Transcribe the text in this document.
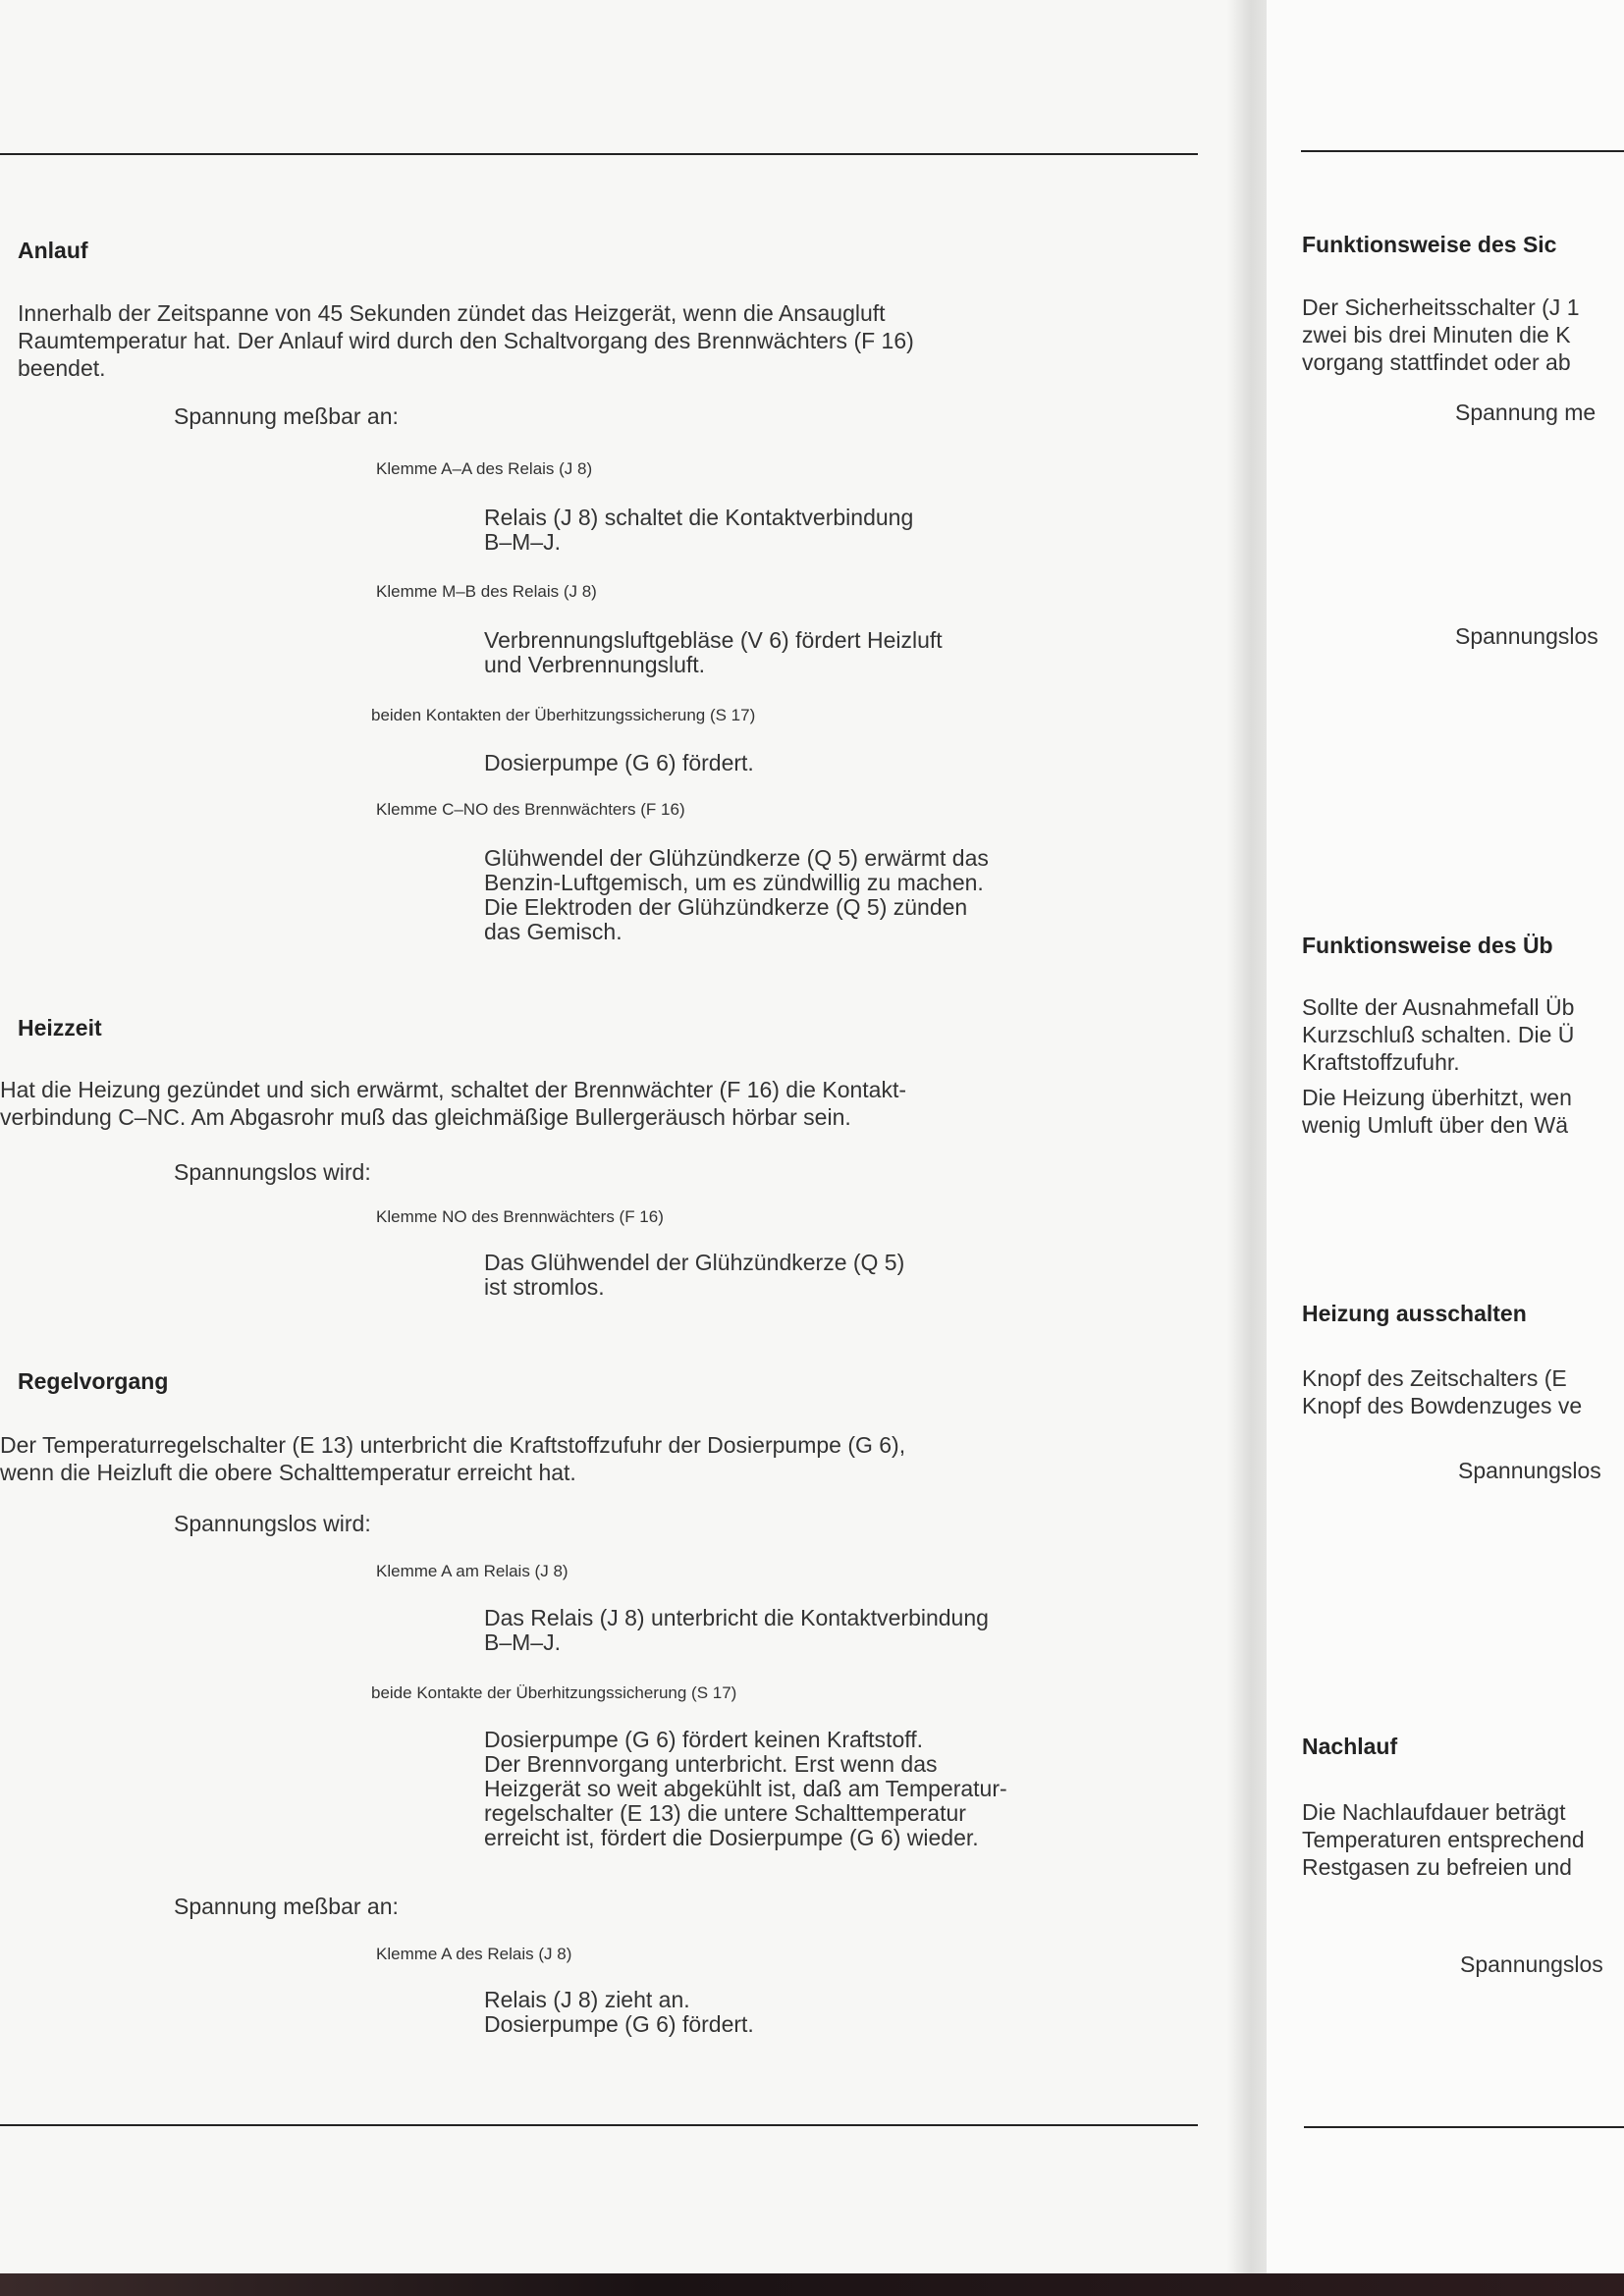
Anlauf
Innerhalb der Zeitspanne von 45 Sekunden zündet das Heizgerät, wenn die Ansaugluft
Raumtemperatur hat. Der Anlauf wird durch den Schaltvorgang des Brennwächters (F 16)
beendet.
Spannung meßbar an:
Klemme A–A des Relais (J 8)
Relais (J 8) schaltet die Kontaktverbindung
B–M–J.
Klemme M–B des Relais (J 8)
Verbrennungsluftgebläse (V 6) fördert Heizluft
und Verbrennungsluft.
beiden Kontakten der Überhitzungssicherung (S 17)
Dosierpumpe (G 6) fördert.
Klemme C–NO des Brennwächters (F 16)
Glühwendel der Glühzündkerze (Q 5) erwärmt das
Benzin-Luftgemisch, um es zündwillig zu machen.
Die Elektroden der Glühzündkerze (Q 5) zünden
das Gemisch.
Heizzeit
Hat die Heizung gezündet und sich erwärmt, schaltet der Brennwächter (F 16) die Kontakt-
verbindung C–NC. Am Abgasrohr muß das gleichmäßige Bullergeräusch hörbar sein.
Spannungslos wird:
Klemme NO des Brennwächters (F 16)
Das Glühwendel der Glühzündkerze (Q 5)
ist stromlos.
Regelvorgang
Der Temperaturregelschalter (E 13) unterbricht die Kraftstoffzufuhr der Dosierpumpe (G 6),
wenn die Heizluft die obere Schalttemperatur erreicht hat.
Spannungslos wird:
Klemme A am Relais (J 8)
Das Relais (J 8) unterbricht die Kontaktverbindung
B–M–J.
beide Kontakte der Überhitzungssicherung (S 17)
Dosierpumpe (G 6) fördert keinen Kraftstoff.
Der Brennvorgang unterbricht. Erst wenn das
Heizgerät so weit abgekühlt ist, daß am Temperatur-
regelschalter (E 13) die untere Schalttemperatur
erreicht ist, fördert die Dosierpumpe (G 6) wieder.
Spannung meßbar an:
Klemme A des Relais (J 8)
Relais (J 8) zieht an.
Dosierpumpe (G 6) fördert.
Funktionsweise des Sic
Der Sicherheitsschalter (J 1
zwei bis drei Minuten die K
vorgang stattfindet oder ab
Spannung me
Spannungslos
Funktionsweise des Üb
Sollte der Ausnahmefall Üb
Kurzschluß schalten. Die Ü
Kraftstoffzufuhr.
Die Heizung überhitzt, wen
wenig Umluft über den Wä
Heizung ausschalten
Knopf des Zeitschalters (E
Knopf des Bowdenzuges ve
Spannungslos
Nachlauf
Die Nachlaufdauer beträgt
Temperaturen entsprechend
Restgasen zu befreien und
Spannungslos
